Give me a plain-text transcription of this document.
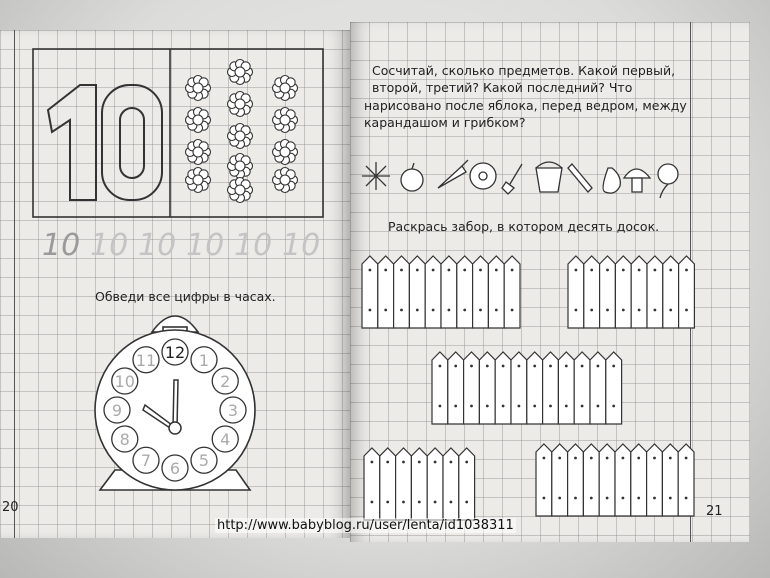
10 10 10 10 10 10
Обведи все цифры в часах.
12 1
2
3
4
5
6
7
8
9
10
11
20
Сосчитай, сколько предметов. Какой первый,
второй, третий? Какой последний? Что
нарисовано после яблока, перед ведром, между
карандашом и грибком?
Раскрась забор, в котором десять досок.
21
http://www.babyblog.ru/user/lenta/id1038311
